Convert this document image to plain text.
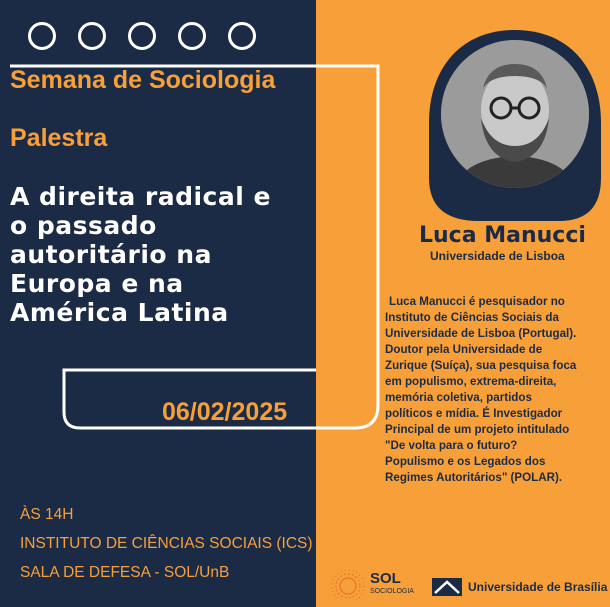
Semana de Sociologia
Palestra
A direita radical e
o passado
autoritário na
Europa e na
América Latina
06/02/2025
ÀS 14H
INSTITUTO DE CIÊNCIAS SOCIAIS (ICS)
SALA DE DEFESA - SOL/UnB
Luca Manucci
Universidade de Lisboa
Luca Manucci é pesquisador no
Instituto de Ciências Sociais da
Universidade de Lisboa (Portugal).
Doutor pela Universidade de
Zurique (Suíça), sua pesquisa foca
em populismo, extrema-direita,
memória coletiva, partidos
políticos e mídia. É Investigador
Principal de um projeto intitulado
"De volta para o futuro?
Populismo e os Legados dos
Regimes Autoritários" (POLAR).
SOL
SOCIOLOGIA	Universidade de Brasília
